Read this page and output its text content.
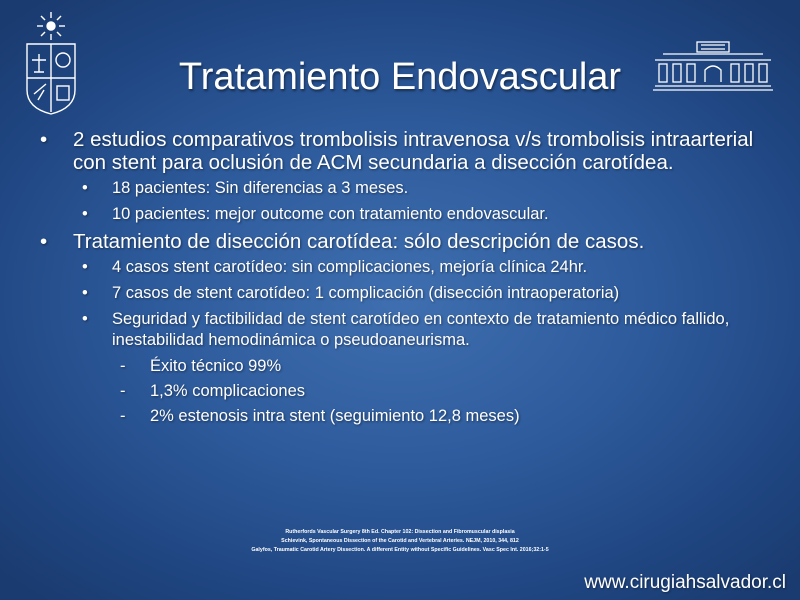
Tratamiento Endovascular
• 2 estudios comparativos trombolisis intravenosa v/s trombolisis intraarterial con stent para oclusión de ACM secundaria a disección carotídea.
• 18 pacientes: Sin diferencias a 3 meses.
• 10 pacientes: mejor outcome con tratamiento endovascular.
• Tratamiento de disección carotídea: sólo descripción de casos.
• 4 casos stent carotídeo: sin complicaciones, mejoría clínica 24hr.
• 7 casos de stent carotídeo: 1 complicación (disección intraoperatoria)
• Seguridad y factibilidad de stent carotídeo en contexto de tratamiento médico fallido, inestabilidad hemodinámica o pseudoaneurisma.
- Éxito técnico 99%
- 1,3% complicaciones
- 2% estenosis intra stent (seguimiento 12,8 meses)
Rutherfords Vascular Surgery 8th Ed. Chapter 102: Dissection and Fibromuscular displasia
Schievink, Spontaneous Dissection of the Carotid and Vertebral Arteries. NEJM, 2010, 344, 812
Galyfos, Traumatic Carotid Artery Dissection. A different Entity without Specific Guidelines. Vasc Spec Int. 2016;32:1-5
www.cirugiahsalvador.cl
